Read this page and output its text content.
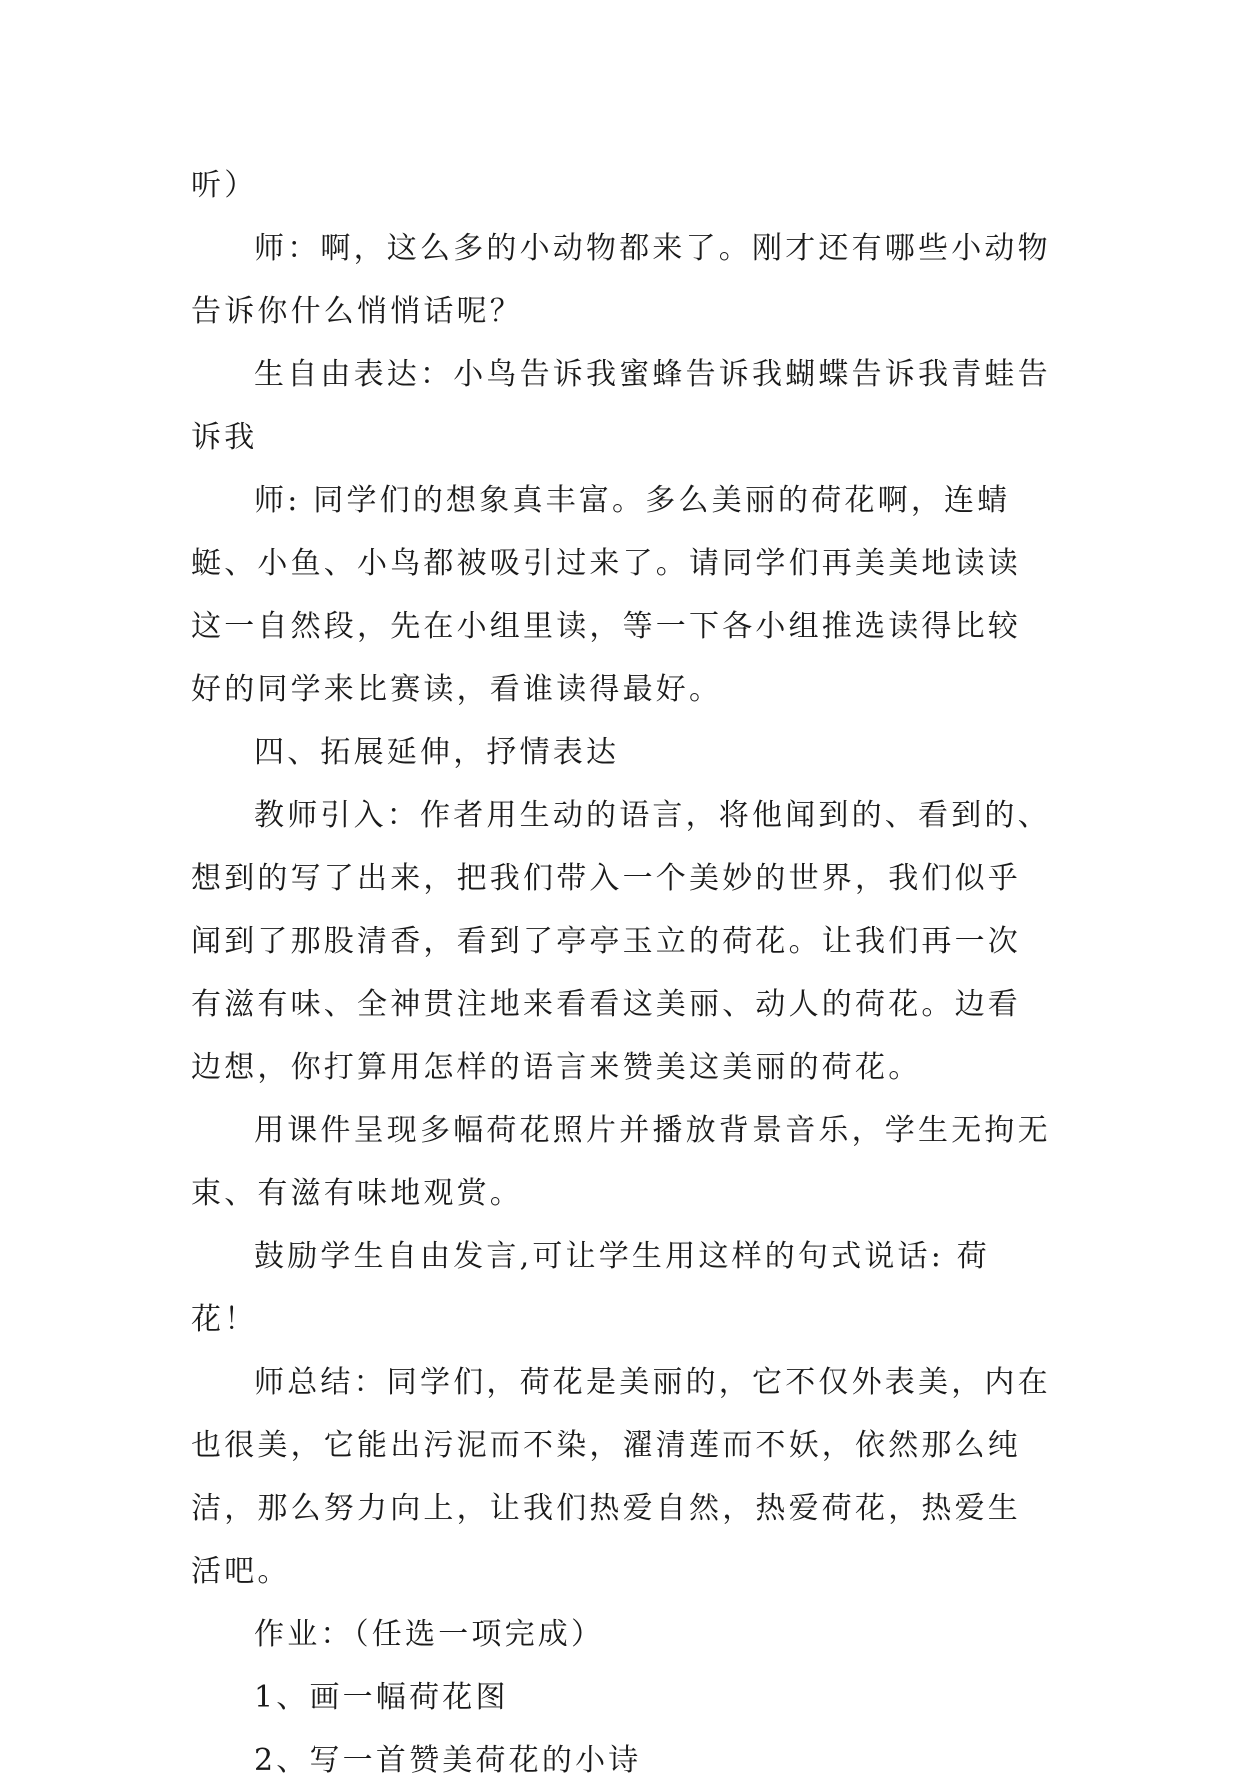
听）

师：啊，这么多的小动物都来了。刚才还有哪些小动物告诉你什么悄悄话呢？

生自由表达：小鸟告诉我蜜蜂告诉我蝴蝶告诉我青蛙告诉我

师: 同学们的想象真丰富。多么美丽的荷花啊，连蜻蜓、小鱼、小鸟都被吸引过来了。请同学们再美美地读读这一自然段，先在小组里读，等一下各小组推选读得比较好的同学来比赛读，看谁读得最好。

四、拓展延伸，抒情表达

教师引入：作者用生动的语言，将他闻到的、看到的、想到的写了出来，把我们带入一个美妙的世界，我们似乎闻到了那股清香，看到了亭亭玉立的荷花。让我们再一次有滋有味、全神贯注地来看看这美丽、动人的荷花。边看边想，你打算用怎样的语言来赞美这美丽的荷花。

用课件呈现多幅荷花照片并播放背景音乐，学生无拘无束、有滋有味地观赏。

鼓励学生自由发言,可让学生用这样的句式说话: 荷花！

师总结：同学们，荷花是美丽的，它不仅外表美，内在也很美，它能出污泥而不染，濯清莲而不妖，依然那么纯洁，那么努力向上，让我们热爱自然，热爱荷花，热爱生活吧。

作业：（任选一项完成）

1、画一幅荷花图

2、写一首赞美荷花的小诗
